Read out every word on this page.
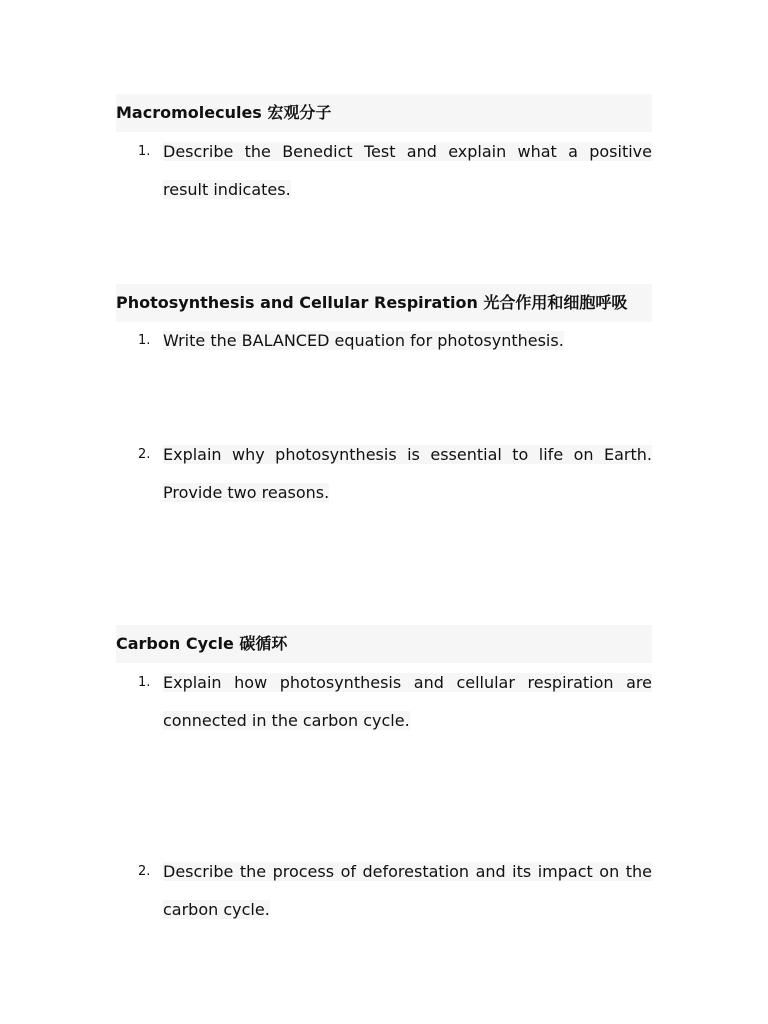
Macromolecules 宏观分子
1. Describe the Benedict Test and explain what a positive result indicates.
Photosynthesis and Cellular Respiration 光合作用和细胞呼吸
1. Write the BALANCED equation for photosynthesis.
2. Explain why photosynthesis is essential to life on Earth. Provide two reasons.
Carbon Cycle 碳循环
1. Explain how photosynthesis and cellular respiration are connected in the carbon cycle.
2. Describe the process of deforestation and its impact on the carbon cycle.
